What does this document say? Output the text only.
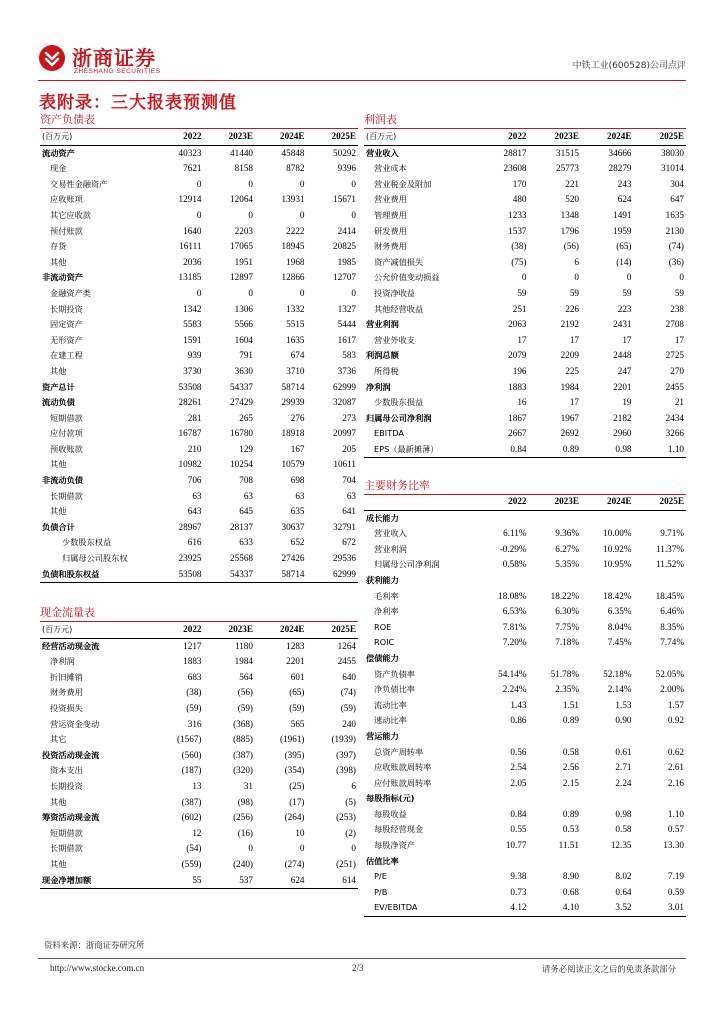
浙商证券
ZHESHANG SECURITIES
中铁工业(600528)公司点评
表附录：三大报表预测值
资产负债表	利润表
主要财务比率
现金流量表
(百万元)	2022	2023E	2024E	2025E
流动资产	40323	41440	45848	50292
现金	7621	8158	8782	9396
交易性金融资产	0	0	0	0
应收账项	12914	12064	13931	15671
其它应收款	0	0	0	0
预付账款	1640	2203	2222	2414
存货	16111	17065	18945	20825
其他	2036	1951	1968	1985
非流动资产	13185	12897	12866	12707
金融资产类	0	0	0	0
长期投资	1342	1306	1332	1327
固定资产	5583	5566	5515	5444
无形资产	1591	1604	1635	1617
在建工程	939	791	674	583
其他	3730	3630	3710	3736
资产总计	53508	54337	58714	62999
流动负债	28261	27429	29939	32087
短期借款	281	265	276	273
应付款项	16787	16780	18918	20997
预收账款	210	129	167	205
其他	10982	10254	10579	10611
非流动负债	706	708	698	704
长期借款	63	63	63	63
其他	643	645	635	641
负债合计	28967	28137	30637	32791
少数股东权益	616	633	652	672
归属母公司股东权	23925	25568	27426	29536
负债和股东权益	53508	54337	58714	62999
(百万元)	2022	2023E	2024E	2025E
营业收入	28817	31515	34666	38030
营业成本	23608	25773	28279	31014
营业税金及附加	170	221	243	304
营业费用	480	520	624	647
管理费用	1233	1348	1491	1635
研发费用	1537	1796	1959	2130
财务费用	(38)	(56)	(65)	(74)
资产减值损失	(75)	6	(14)	(36)
公允价值变动损益	0	0	0	0
投资净收益	59	59	59	59
其他经营收益	251	226	223	238
营业利润	2063	2192	2431	2708
营业外收支	17	17	17	17
利润总额	2079	2209	2448	2725
所得税	196	225	247	270
净利润	1883	1984	2201	2455
少数股东损益	16	17	19	21
归属母公司净利润	1867	1967	2182	2434
EBITDA	2667	2692	2960	3266
EPS（最新摊薄）	0.84	0.89	0.98	1.10
	2022	2023E	2024E	2025E
成长能力				
营业收入	6.11%	9.36%	10.00%	9.71%
营业利润	-0.29%	6.27%	10.92%	11.37%
归属母公司净利润	0.58%	5.35%	10.95%	11.52%
获利能力				
毛利率	18.08%	18.22%	18.42%	18.45%
净利率	6.53%	6.30%	6.35%	6.46%
ROE	7.81%	7.75%	8.04%	8.35%
ROIC	7.20%	7.18%	7.45%	7.74%
偿债能力				
资产负债率	54.14%	51.78%	52.18%	52.05%
净负债比率	2.24%	2.35%	2.14%	2.00%
流动比率	1.43	1.51	1.53	1.57
速动比率	0.86	0.89	0.90	0.92
营运能力				
总资产周转率	0.56	0.58	0.61	0.62
应收账款周转率	2.54	2.56	2.71	2.61
应付账款周转率	2.05	2.15	2.24	2.16
每股指标(元)				
每股收益	0.84	0.89	0.98	1.10
每股经营现金	0.55	0.53	0.58	0.57
每股净资产	10.77	11.51	12.35	13.30
估值比率				
P/E	9.38	8.90	8.02	7.19
P/B	0.73	0.68	0.64	0.59
EV/EBITDA	4.12	4.10	3.52	3.01
(百万元)	2022	2023E	2024E	2025E
经营活动现金流	1217	1180	1283	1264
净利润	1883	1984	2201	2455
折旧摊销	683	564	601	640
财务费用	(38)	(56)	(65)	(74)
投资损失	(59)	(59)	(59)	(59)
营运资金变动	316	(368)	565	240
其它	(1567)	(885)	(1961)	(1939)
投资活动现金流	(560)	(387)	(395)	(397)
资本支出	(187)	(320)	(354)	(398)
长期投资	13	31	(25)	6
其他	(387)	(98)	(17)	(5)
筹资活动现金流	(602)	(256)	(264)	(253)
短期借款	12	(16)	10	(2)
长期借款	(54)	0	0	0
其他	(559)	(240)	(274)	(251)
现金净增加额	55	537	624	614
资料来源：浙商证券研究所
http://www.stocke.com.cn	2/3	请务必阅读正文之后的免责条款部分
